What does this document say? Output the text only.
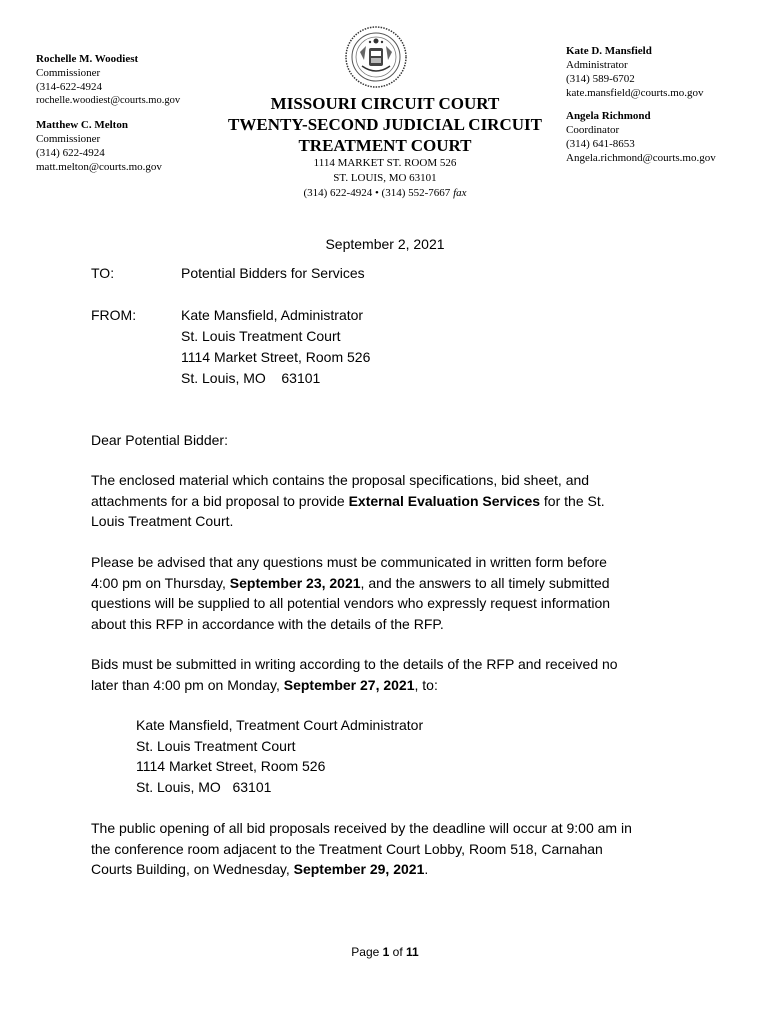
Rochelle M. Woodiest
Commissioner
(314-622-4924
rochelle.woodiest@courts.mo.gov
Matthew C. Melton
Commissioner
(314) 622-4924
matt.melton@courts.mo.gov
MISSOURI CIRCUIT COURT
TWENTY-SECOND JUDICIAL CIRCUIT
TREATMENT COURT
1114 MARKET ST. ROOM 526
ST. LOUIS, MO 63101
(314) 622-4924 • (314) 552-7667 fax
Kate D. Mansfield
Administrator
(314) 589-6702
kate.mansfield@courts.mo.gov
Angela Richmond
Coordinator
(314) 641-8653
Angela.richmond@courts.mo.gov
September 2, 2021
TO:	Potential Bidders for Services
FROM:	Kate Mansfield, Administrator
St. Louis Treatment Court
1114 Market Street, Room 526
St. Louis, MO    63101
Dear Potential Bidder:
The enclosed material which contains the proposal specifications, bid sheet, and
attachments for a bid proposal to provide External Evaluation Services for the St.
Louis Treatment Court.
Please be advised that any questions must be communicated in written form before
4:00 pm on Thursday, September 23, 2021, and the answers to all timely submitted
questions will be supplied to all potential vendors who expressly request information
about this RFP in accordance with the details of the RFP.
Bids must be submitted in writing according to the details of the RFP and received no
later than 4:00 pm on Monday, September 27, 2021, to:
Kate Mansfield, Treatment Court Administrator
St. Louis Treatment Court
1114 Market Street, Room 526
St. Louis, MO   63101
The public opening of all bid proposals received by the deadline will occur at 9:00 am in
the conference room adjacent to the Treatment Court Lobby, Room 518, Carnahan
Courts Building, on Wednesday, September 29, 2021.
Page 1 of 11
